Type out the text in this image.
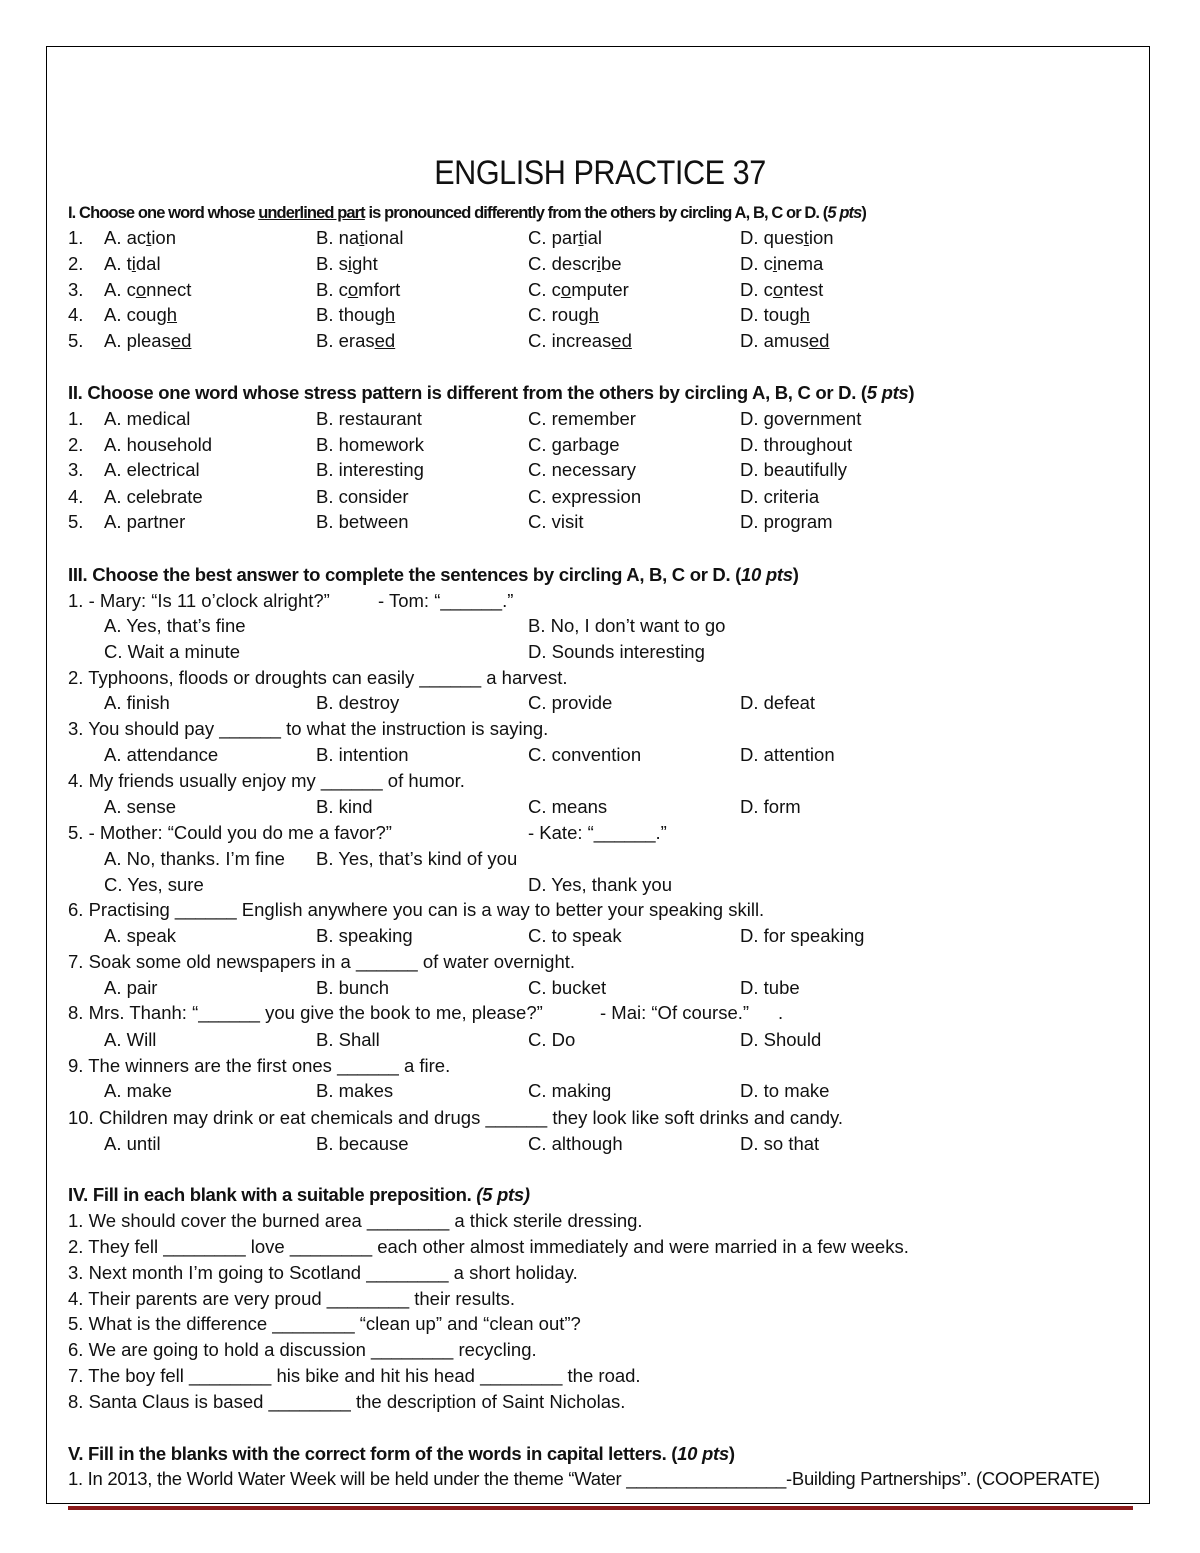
ENGLISH PRACTICE 37
I. Choose one word whose underlined part is pronounced differently from the others by circling A, B, C or D. (5 pts)
1. A. action	B. national	C. partial	D. question
2. A. tidal	B. sight	C. describe	D. cinema
3. A. connect	B. comfort	C. computer	D. contest
4. A. cough	B. though	C. rough	D. tough
5. A. pleased	B. erased	C. increased	D. amused
II. Choose one word whose stress pattern is different from the others by circling A, B, C or D. (5 pts)
1. A. medical	B. restaurant	C. remember	D. government
2. A. household	B. homework	C. garbage	D. throughout
3. A. electrical	B. interesting	C. necessary	D. beautifully
4. A. celebrate	B. consider	C. expression	D. criteria
5. A. partner	B. between	C. visit	D. program
III. Choose the best answer to complete the sentences by circling A, B, C or D. (10 pts)
1. - Mary: “Is 11 o’clock alright?”	- Tom: “______.”
A. Yes, that’s fine	B. No, I don’t want to go
C. Wait a minute	D. Sounds interesting
2. Typhoons, floods or droughts can easily ______ a harvest.
A. finish	B. destroy	C. provide	D. defeat
3. You should pay ______ to what the instruction is saying.
A. attendance	B. intention	C. convention	D. attention
4. My friends usually enjoy my ______ of humor.
A. sense	B. kind	C. means	D. form
5. - Mother: “Could you do me a favor?”	- Kate: “______.”
A. No, thanks. I’m fine B. Yes, that’s kind of you
C. Yes, sure	D. Yes, thank you
6. Practising ______ English anywhere you can is a way to better your speaking skill.
A. speak	B. speaking	C. to speak	D. for speaking
7. Soak some old newspapers in a ______ of water overnight.
A. pair	B. bunch	C. bucket	D. tube
8. Mrs. Thanh: “______ you give the book to me, please?”	- Mai: “Of course.” .
A. Will	B. Shall	C. Do	D. Should
9. The winners are the first ones ______ a fire.
A. make	B. makes	C. making	D. to make
10. Children may drink or eat chemicals and drugs ______ they look like soft drinks and candy.
A. until	B. because	C. although	D. so that
IV. Fill in each blank with a suitable preposition. (5 pts)
1. We should cover the burned area ________ a thick sterile dressing.
2. They fell ________ love ________ each other almost immediately and were married in a few weeks.
3. Next month I’m going to Scotland ________ a short holiday.
4. Their parents are very proud ________ their results.
5. What is the difference ________ “clean up” and “clean out”?
6. We are going to hold a discussion ________ recycling.
7. The boy fell ________ his bike and hit his head ________ the road.
8. Santa Claus is based ________ the description of Saint Nicholas.
V. Fill in the blanks with the correct form of the words in capital letters. (10 pts)
1. In 2013, the World Water Week will be held under the theme “Water ________________-Building Partnerships”. (COOPERATE)
